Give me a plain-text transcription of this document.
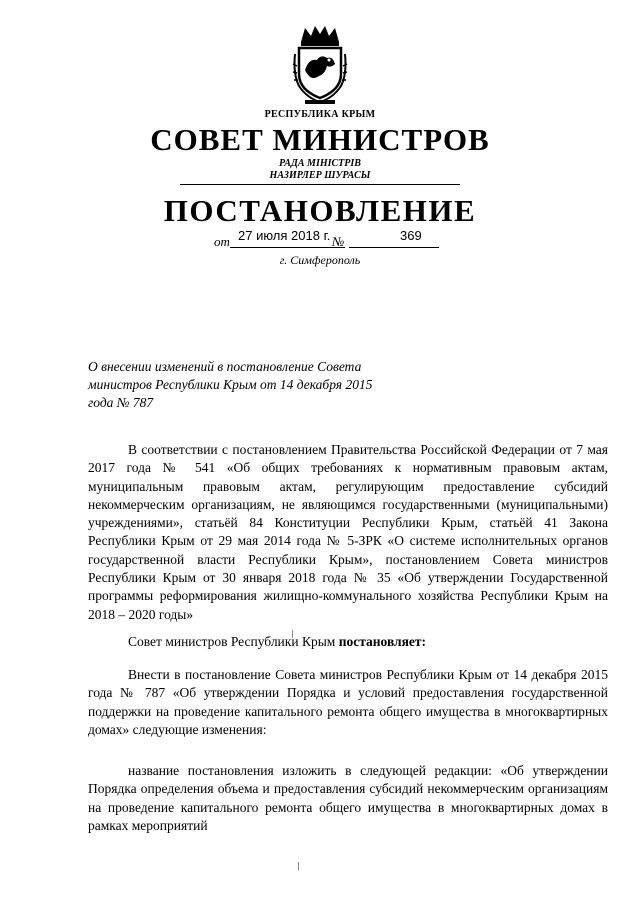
РЕСПУБЛИКА КРЫМ
СОВЕТ МИНИСТРОВ
РАДА МІНІСТРІВ
НАЗИРЛЕР ШУРАСЫ
ПОСТАНОВЛЕНИЕ
от 27 июля 2018 г. №	369
г. Симферополь
О внесении изменений в постановление Совета министров Республики Крым от 14 декабря 2015 года № 787

В соответствии с постановлением Правительства Российской Федерации от 7 мая 2017 года № 541 «Об общих требованиях к нормативным правовым актам, муниципальным правовым актам, регулирующим предоставление субсидий некоммерческим организациям, не являющимся государственными (муниципальными) учреждениями», статьёй 84 Конституции Республики Крым, статьёй 41 Закона Республики Крым от 29 мая 2014 года № 5-ЗРК «О системе исполнительных органов государственной власти Республики Крым», постановлением Совета министров Республики Крым от 30 января 2018 года № 35 «Об утверждении Государственной программы реформирования жилищно-коммунального хозяйства Республики Крым на 2018 – 2020 годы»

Совет министров Республики Крым постановляет:

Внести в постановление Совета министров Республики Крым от 14 декабря 2015 года № 787 «Об утверждении Порядка и условий предоставления государственной поддержки на проведение капитального ремонта общего имущества в многоквартирных домах» следующие изменения:

название постановления изложить в следующей редакции: «Об утверждении Порядка определения объема и предоставления субсидий некоммерческим организациям на проведение капитального ремонта общего имущества в многоквартирных домах в рамках мероприятий
